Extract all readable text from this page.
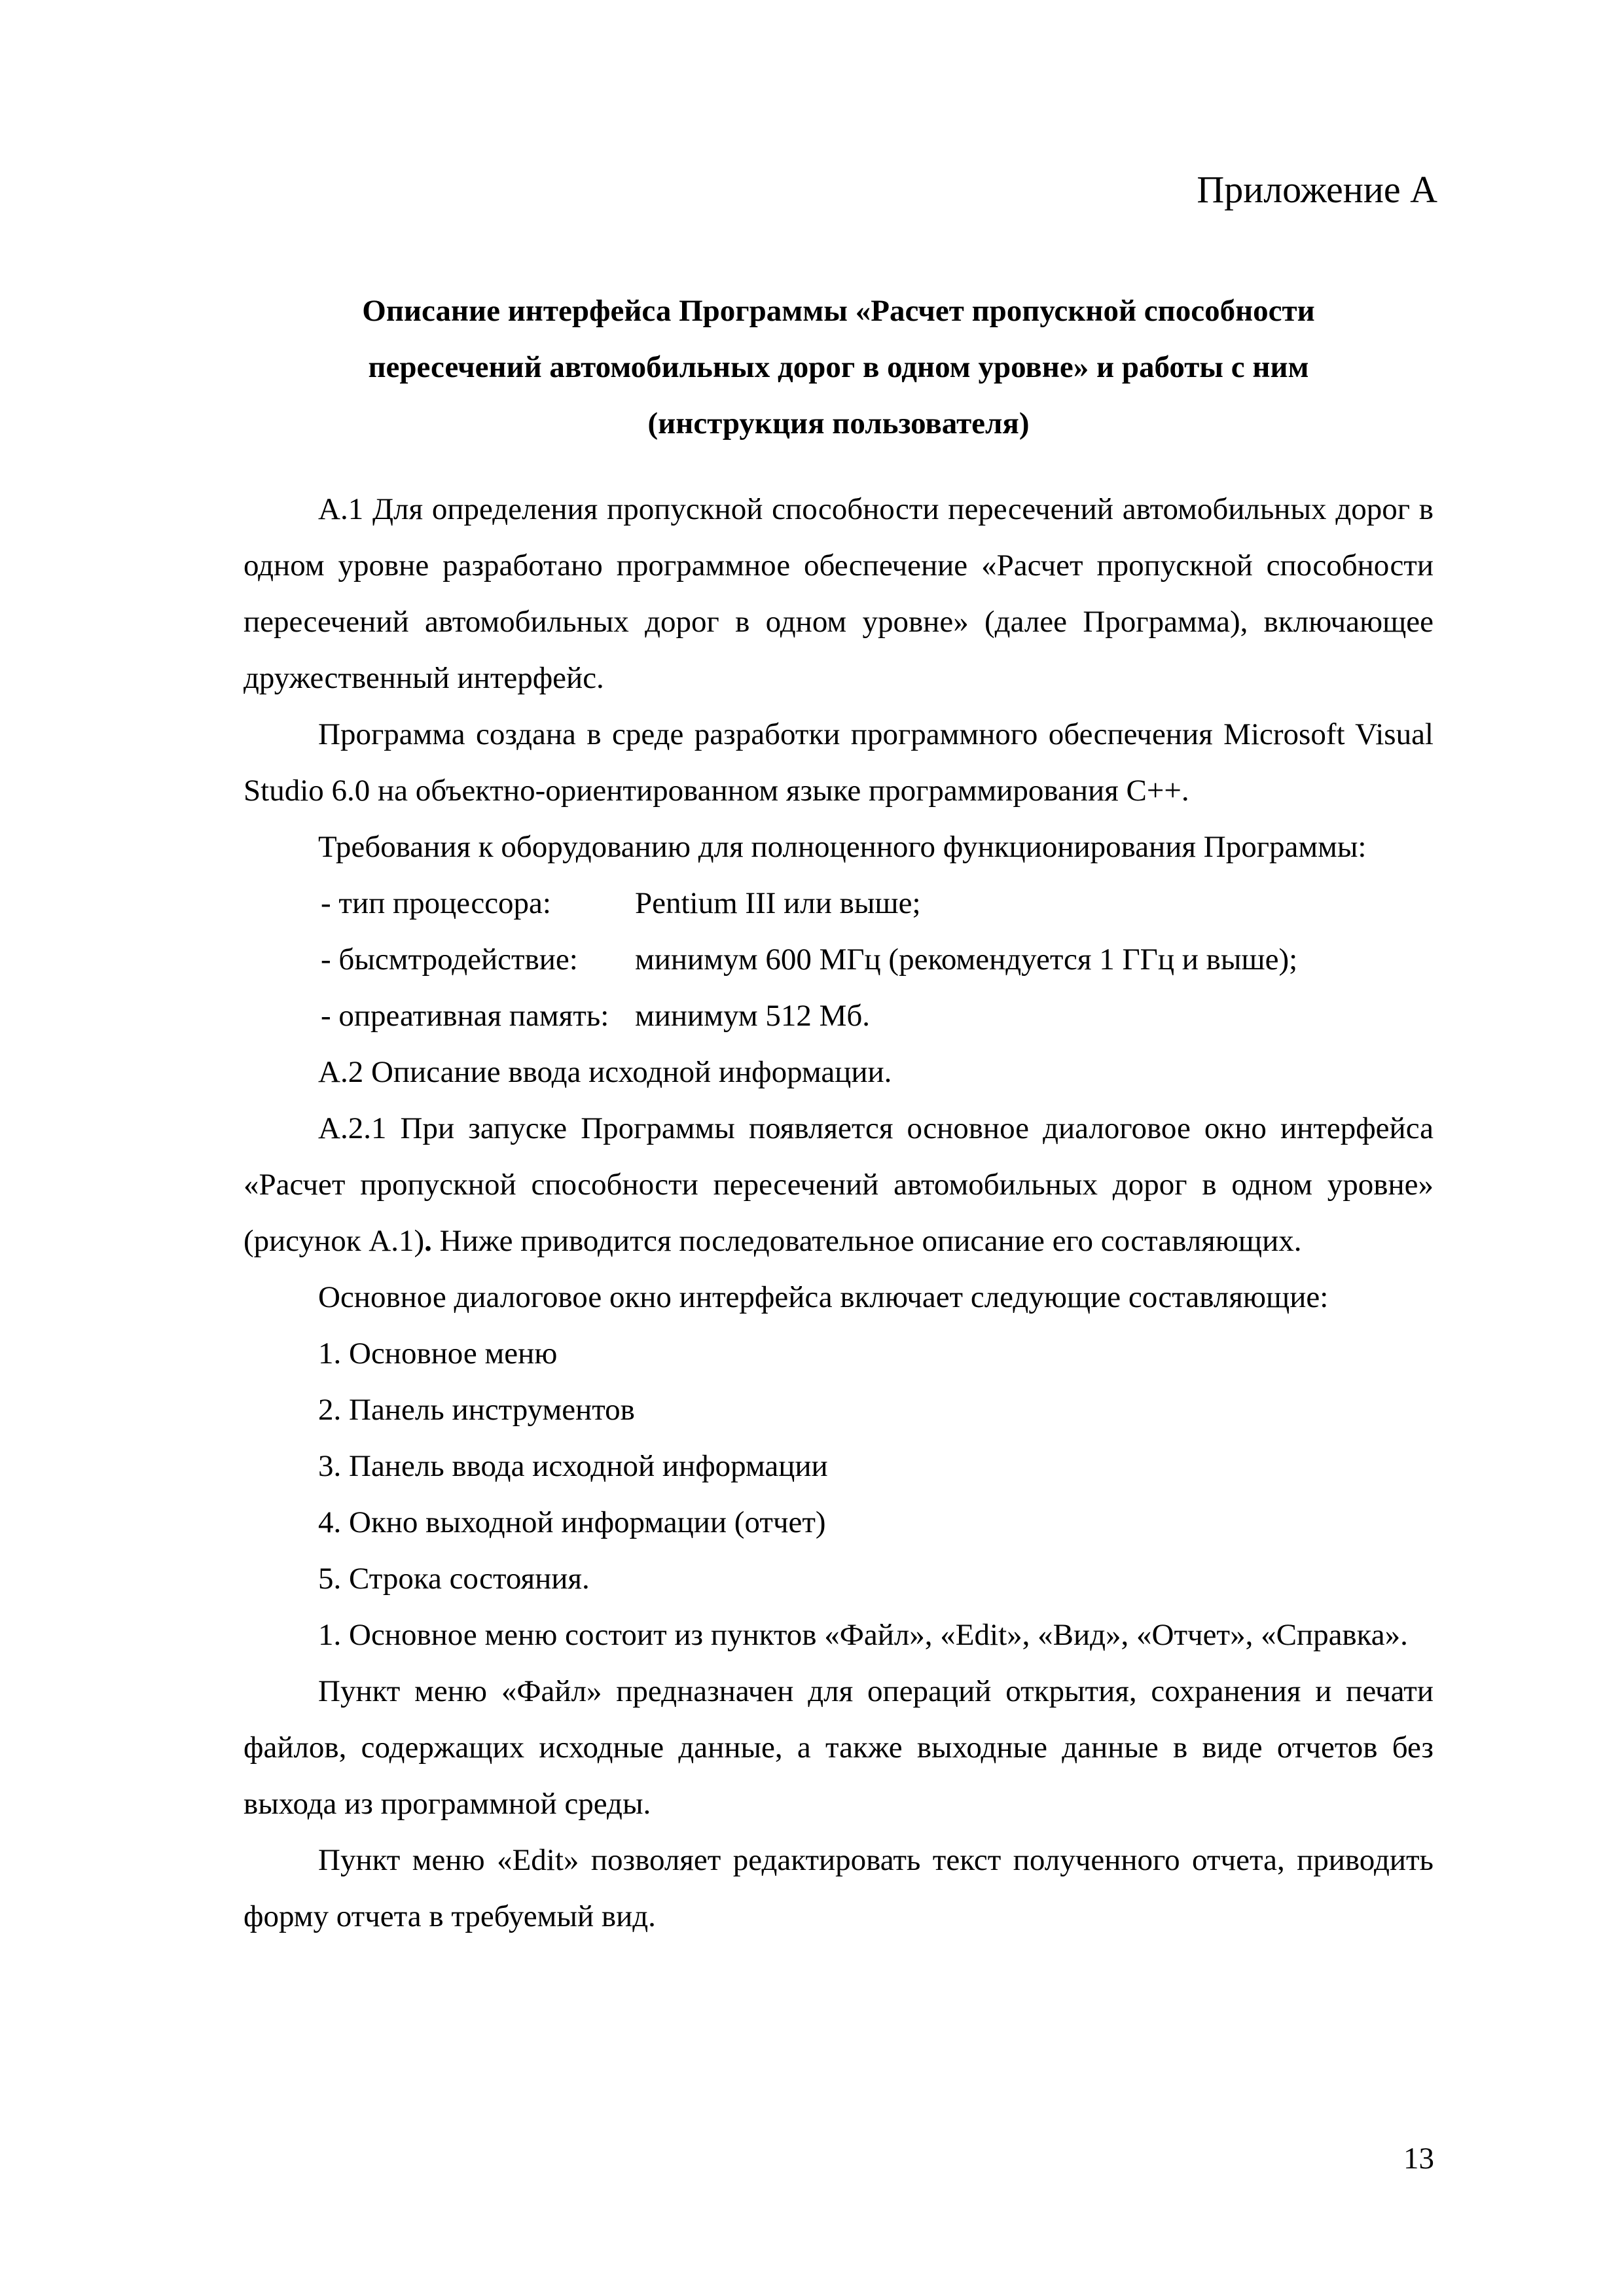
Приложение А
Описание интерфейса Программы «Расчет пропускной способности
пересечений автомобильных дорог в одном уровне» и работы с ним
(инструкция пользователя)

А.1 Для определения пропускной способности пересечений автомобильных дорог в одном уровне разработано программное обеспечение «Расчет пропускной способности пересечений автомобильных дорог в одном уровне» (далее Программа), включающее дружественный интерфейс.

Программа создана в среде разработки программного обеспечения Microsoft Visual Studio 6.0 на объектно-ориентированном языке программирования С++.

Требования к оборудованию для полноценного функционирования Программы:

- тип процессора:	Pentium III или выше;
- бысмтродействие:	минимум 600 МГц (рекомендуется 1 ГГц и выше);
- опреативная память: минимум 512 Мб.

А.2 Описание ввода исходной информации.

А.2.1 При запуске Программы появляется основное диалоговое окно интерфейса «Расчет пропускной способности пересечений автомобильных дорог в одном уровне» (рисунок А.1). Ниже приводится последовательное описание его составляющих.

Основное диалоговое окно интерфейса включает следующие составляющие:

1. Основное меню

2. Панель инструментов

3. Панель ввода исходной информации

4. Окно выходной информации (отчет)

5. Строка состояния.

1. Основное меню состоит из пунктов «Файл», «Edit», «Вид», «Отчет», «Справка».

Пункт меню «Файл» предназначен для операций открытия, сохранения и печати файлов, содержащих исходные данные, а также выходные данные в виде отчетов без выхода из программной среды.

Пункт меню «Edit» позволяет редактировать текст полученного отчета, приводить форму отчета в требуемый вид.

13
